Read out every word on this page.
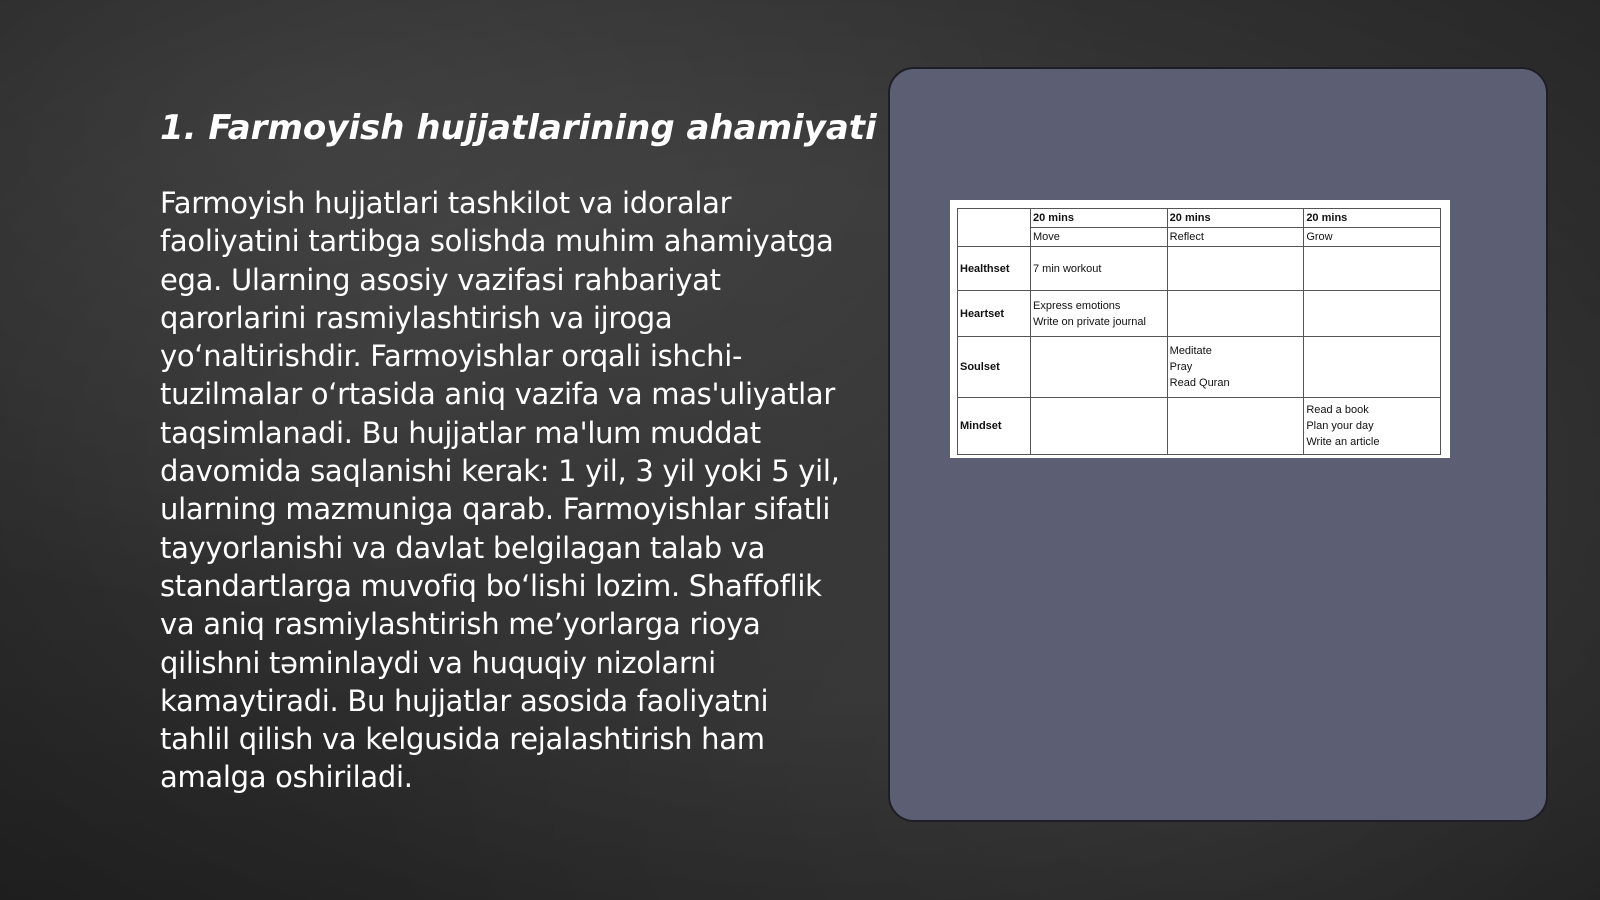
1. Farmoyish hujjatlarining ahamiyati

Farmoyish hujjatlari tashkilot va idoralar faoliyatini tartibga solishda muhim ahamiyatga ega. Ularning asosiy vazifasi rahbariyat qarorlarini rasmiylashtirish va ijroga yo‘naltirishdir. Farmoyishlar orqali ishchi-tuzilmalar o‘rtasida aniq vazifa va mas'uliyatlar taqsimlanadi. Bu hujjatlar ma'lum muddat davomida saqlanishi kerak: 1 yil, 3 yil yoki 5 yil, ularning mazmuniga qarab. Farmoyishlar sifatli tayyorlanishi va davlat belgilagan talab va standartlarga muvofiq bo‘lishi lozim. Shaffoflik va aniq rasmiylashtirish me’yorlarga rioya qilishni təminlaydi va huquqiy nizolarni kamaytiradi. Bu hujjatlar asosida faoliyatni tahlil qilish va kelgusida rejalashtirish ham amalga oshiriladi.

	20 mins	20 mins	20 mins
	Move	Reflect	Grow
Healthset	7 min workout		

Heartset	Express emotions
Write on private journal		

Soulset		Meditate
Pray
Read Quran	

Mindset			Read a book
Plan your day
Write an article
